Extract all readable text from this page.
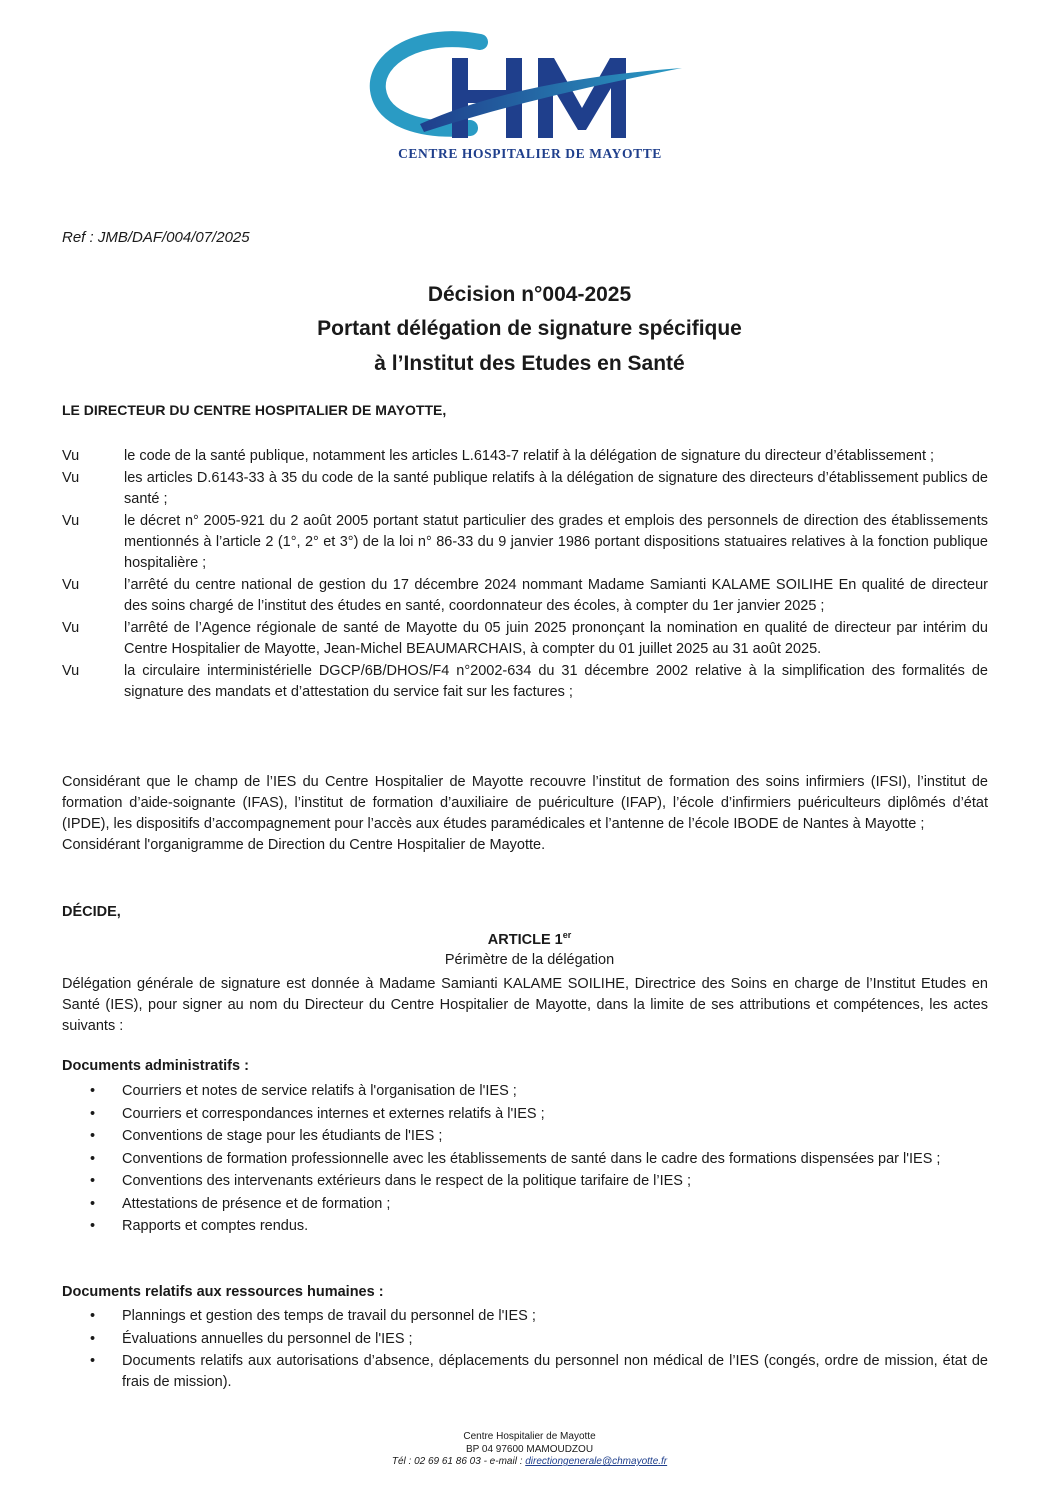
CENTRE HOSPITALIER DE MAYOTTE
Ref : JMB/DAF/004/07/2025
Décision n°004-2025
Portant délégation de signature spécifique
à l’Institut des Etudes en Santé
LE DIRECTEUR DU CENTRE HOSPITALIER DE MAYOTTE,
Vu	le code de la santé publique, notamment les articles L.6143-7 relatif à la délégation de signature du directeur d’établissement ;
Vu	les articles D.6143-33 à 35 du code de la santé publique relatifs à la délégation de signature des directeurs d’établissement publics de santé ;
Vu	le décret n° 2005-921 du 2 août 2005 portant statut particulier des grades et emplois des personnels de direction des établissements mentionnés à l’article 2 (1°, 2° et 3°) de la loi n° 86-33 du 9 janvier 1986 portant dispositions statuaires relatives à la fonction publique hospitalière ;
Vu	l’arrêté du centre national de gestion du 17 décembre 2024 nommant Madame Samianti KALAME SOILIHE En qualité de directeur des soins chargé de l’institut des études en santé, coordonnateur des écoles, à compter du 1er janvier 2025 ;
Vu	l’arrêté de l’Agence régionale de santé de Mayotte du 05 juin 2025 prononçant la nomination en qualité de directeur par intérim du Centre Hospitalier de Mayotte, Jean-Michel BEAUMARCHAIS, à compter du 01 juillet 2025 au 31 août 2025.
Vu	la circulaire interministérielle DGCP/6B/DHOS/F4 n°2002-634 du 31 décembre 2002 relative à la simplification des formalités de signature des mandats et d’attestation du service fait sur les factures ;

Considérant que le champ de l’IES du Centre Hospitalier de Mayotte recouvre l’institut de formation des soins infirmiers (IFSI), l’institut de formation d’aide-soignante (IFAS), l’institut de formation d’auxiliaire de puériculture (IFAP), l’école d’infirmiers puériculteurs diplômés d’état (IPDE), les dispositifs d’accompagnement pour l’accès aux études paramédicales et l’antenne de l’école IBODE de Nantes à Mayotte ;

Considérant l'organigramme de Direction du Centre Hospitalier de Mayotte.

DÉCIDE,
ARTICLE 1er
Périmètre de la délégation
Délégation générale de signature est donnée à Madame Samianti KALAME SOILIHE, Directrice des Soins en charge de l’Institut Etudes en Santé (IES), pour signer au nom du Directeur du Centre Hospitalier de Mayotte, dans la limite de ses attributions et compétences, les actes suivants :
Documents administratifs :
•	Courriers et notes de service relatifs à l'organisation de l'IES ;
•	Courriers et correspondances internes et externes relatifs à l'IES ;
•	Conventions de stage pour les étudiants de l'IES ;
•	Conventions de formation professionnelle avec les établissements de santé dans le cadre des formations dispensées par l'IES ;
•	Conventions des intervenants extérieurs dans le respect de la politique tarifaire de l’IES ;
•	Attestations de présence et de formation ;
•	Rapports et comptes rendus.
Documents relatifs aux ressources humaines :
•	Plannings et gestion des temps de travail du personnel de l'IES ;
•	Évaluations annuelles du personnel de l'IES ;
•	Documents relatifs aux autorisations d’absence, déplacements du personnel non médical de l’IES (congés, ordre de mission, état de frais de mission).
Centre Hospitalier de Mayotte
BP 04 97600 MAMOUDZOU
Tél : 02 69 61 86 03 - e-mail : directiongenerale@chmayotte.fr
